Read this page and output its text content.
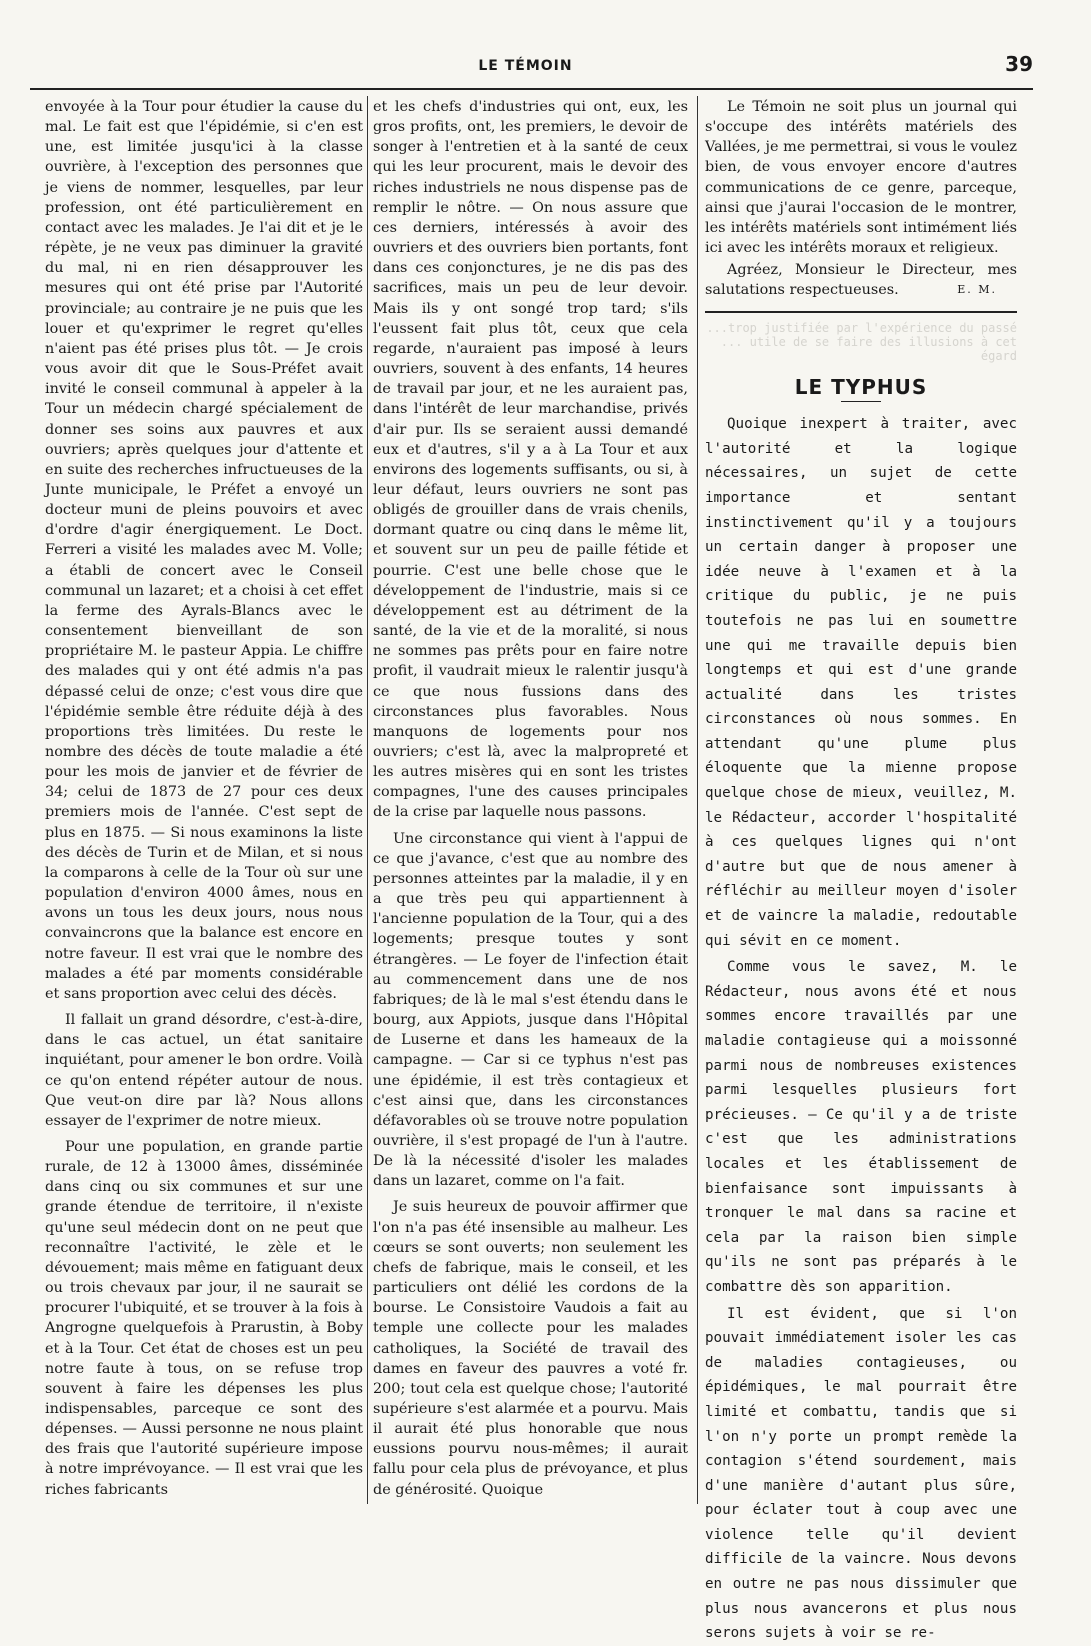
LE TÉMOIN	39

envoyée à la Tour pour étudier la cause du mal. Le fait est que l'épidémie, si c'en est une, est limitée jusqu'ici à la classe ouvrière, à l'exception des personnes que je viens de nommer, lesquelles, par leur profession, ont été particulièrement en contact avec les malades. Je l'ai dit et je le répète, je ne veux pas diminuer la gravité du mal, ni en rien désapprouver les mesures qui ont été prise par l'Autorité provinciale; au contraire je ne puis que les louer et qu'exprimer le regret qu'elles n'aient pas été prises plus tôt. — Je crois vous avoir dit que le Sous-Préfet avait invité le conseil communal à appeler à la Tour un médecin chargé spécialement de donner ses soins aux pauvres et aux ouvriers; après quelques jour d'attente et en suite des recherches infructueuses de la Junte municipale, le Préfet a envoyé un docteur muni de pleins pouvoirs et avec d'ordre d'agir énergiquement. Le Doct. Ferreri a visité les malades avec M. Volle; a établi de concert avec le Conseil communal un lazaret; et a choisi à cet effet la ferme des Ayrals-Blancs avec le consentement bienveillant de son propriétaire M. le pasteur Appia. Le chiffre des malades qui y ont été admis n'a pas dépassé celui de onze; c'est vous dire que l'épidémie semble être réduite déjà à des proportions très limitées. Du reste le nombre des décès de toute maladie a été pour les mois de janvier et de février de 34; celui de 1873 de 27 pour ces deux premiers mois de l'année. C'est sept de plus en 1875. — Si nous examinons la liste des décès de Turin et de Milan, et si nous la comparons à celle de la Tour où sur une population d'environ 4000 âmes, nous en avons un tous les deux jours, nous nous convaincrons que la balance est encore en notre faveur. Il est vrai que le nombre des malades a été par moments considérable et sans proportion avec celui des décès.

Il fallait un grand désordre, c'est-à-dire, dans le cas actuel, un état sanitaire inquiétant, pour amener le bon ordre. Voilà ce qu'on entend répéter autour de nous. Que veut-on dire par là? Nous allons essayer de l'exprimer de notre mieux.

Pour une population, en grande partie rurale, de 12 à 13000 âmes, disséminée dans cinq ou six communes et sur une grande étendue de territoire, il n'existe qu'une seul médecin dont on ne peut que reconnaître l'activité, le zèle et le dévouement; mais même en fatiguant deux ou trois chevaux par jour, il ne saurait se procurer l'ubiquité, et se trouver à la fois à Angrogne quelquefois à Prarustin, à Boby et à la Tour. Cet état de choses est un peu notre faute à tous, on se refuse trop souvent à faire les dépenses les plus indispensables, parceque ce sont des dépenses. — Aussi personne ne nous plaint des frais que l'autorité supérieure impose à notre imprévoyance. — Il est vrai que les riches fabricants

et les chefs d'industries qui ont, eux, les gros profits, ont, les premiers, le devoir de songer à l'entretien et à la santé de ceux qui les leur procurent, mais le devoir des riches industriels ne nous dispense pas de remplir le nôtre. — On nous assure que ces derniers, intéressés à avoir des ouvriers et des ouvriers bien portants, font dans ces conjonctures, je ne dis pas des sacrifices, mais un peu de leur devoir. Mais ils y ont songé trop tard; s'ils l'eussent fait plus tôt, ceux que cela regarde, n'auraient pas imposé à leurs ouvriers, souvent à des enfants, 14 heures de travail par jour, et ne les auraient pas, dans l'intérêt de leur marchandise, privés d'air pur. Ils se seraient aussi demandé eux et d'autres, s'il y a à La Tour et aux environs des logements suffisants, ou si, à leur défaut, leurs ouvriers ne sont pas obligés de grouiller dans de vrais chenils, dormant quatre ou cinq dans le même lit, et souvent sur un peu de paille fétide et pourrie. C'est une belle chose que le développement de l'industrie, mais si ce développement est au détriment de la santé, de la vie et de la moralité, si nous ne sommes pas prêts pour en faire notre profit, il vaudrait mieux le ralentir jusqu'à ce que nous fussions dans des circonstances plus favorables. Nous manquons de logements pour nos ouvriers; c'est là, avec la malpropreté et les autres misères qui en sont les tristes compagnes, l'une des causes principales de la crise par laquelle nous passons.

Une circonstance qui vient à l'appui de ce que j'avance, c'est que au nombre des personnes atteintes par la maladie, il y en a que très peu qui appartiennent à l'ancienne population de la Tour, qui a des logements; presque toutes y sont étrangères. — Le foyer de l'infection était au commencement dans une de nos fabriques; de là le mal s'est étendu dans le bourg, aux Appiots, jusque dans l'Hôpital de Luserne et dans les hameaux de la campagne. — Car si ce typhus n'est pas une épidémie, il est très contagieux et c'est ainsi que, dans les circonstances défavorables où se trouve notre population ouvrière, il s'est propagé de l'un à l'autre. De là la nécessité d'isoler les malades dans un lazaret, comme on l'a fait.

Je suis heureux de pouvoir affirmer que l'on n'a pas été insensible au malheur. Les cœurs se sont ouverts; non seulement les chefs de fabrique, mais le conseil, et les particuliers ont délié les cordons de la bourse. Le Consistoire Vaudois a fait au temple une collecte pour les malades catholiques, la Société de travail des dames en faveur des pauvres a voté fr. 200; tout cela est quelque chose; l'autorité supérieure s'est alarmée et a pourvu. Mais il aurait été plus honorable que nous eussions pourvu nous-mêmes; il aurait fallu pour cela plus de prévoyance, et plus de générosité. Quoique

Le Témoin ne soit plus un journal qui s'occupe des intérêts matériels des Vallées, je me permettrai, si vous le voulez bien, de vous envoyer encore d'autres communications de ce genre, parceque, ainsi que j'aurai l'occasion de le montrer, les intérêts matériels sont intimément liés ici avec les intérêts moraux et religieux.

Agréez, Monsieur le Directeur, mes salutations respectueuses.	E. M.

...trop justifiée par l'expérience du passé ... utile de se faire des illusions à cet égard
LE TYPHUS

Quoique inexpert à traiter, avec l'autorité et la logique nécessaires, un sujet de cette importance et sentant instinctivement qu'il y a toujours un certain danger à proposer une idée neuve à l'examen et à la critique du public, je ne puis toutefois ne pas lui en soumettre une qui me travaille depuis bien longtemps et qui est d'une grande actualité dans les tristes circonstances où nous sommes. En attendant qu'une plume plus éloquente que la mienne propose quelque chose de mieux, veuillez, M. le Rédacteur, accorder l'hospitalité à ces quelques lignes qui n'ont d'autre but que de nous amener à réfléchir au meilleur moyen d'isoler et de vaincre la maladie, redoutable qui sévit en ce moment.

Comme vous le savez, M. le Rédacteur, nous avons été et nous sommes encore travaillés par une maladie contagieuse qui a moissonné parmi nous de nombreuses existences parmi lesquelles plusieurs fort précieuses. — Ce qu'il y a de triste c'est que les administrations locales et les établissement de bienfaisance sont impuissants à tronquer le mal dans sa racine et cela par la raison bien simple qu'ils ne sont pas préparés à le combattre dès son apparition.

Il est évident, que si l'on pouvait immédiatement isoler les cas de maladies contagieuses, ou épidémiques, le mal pourrait être limité et combattu, tandis que si l'on n'y porte un prompt remède la contagion s'étend sourdement, mais d'une manière d'autant plus sûre, pour éclater tout à coup avec une violence telle qu'il devient difficile de la vaincre. Nous devons en outre ne pas nous dissimuler que plus nous avancerons et plus nous serons sujets à voir se re-
